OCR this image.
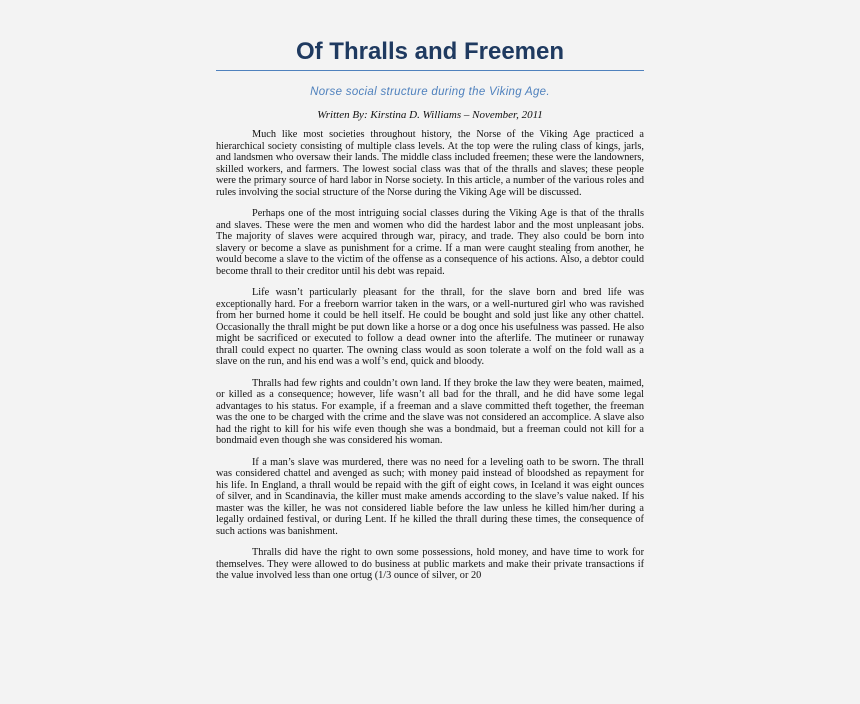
Of Thralls and Freemen

Norse social structure during the Viking Age.

Written By: Kirstina D. Williams – November, 2011

Much like most societies throughout history, the Norse of the Viking Age practiced a hierarchical society consisting of multiple class levels. At the top were the ruling class of kings, jarls, and landsmen who oversaw their lands. The middle class included freemen; these were the landowners, skilled workers, and farmers. The lowest social class was that of the thralls and slaves; these people were the primary source of hard labor in Norse society. In this article, a number of the various roles and rules involving the social structure of the Norse during the Viking Age will be discussed.

Perhaps one of the most intriguing social classes during the Viking Age is that of the thralls and slaves. These were the men and women who did the hardest labor and the most unpleasant jobs. The majority of slaves were acquired through war, piracy, and trade. They also could be born into slavery or become a slave as punishment for a crime. If a man were caught stealing from another, he would become a slave to the victim of the offense as a consequence of his actions. Also, a debtor could become thrall to their creditor until his debt was repaid.

Life wasn’t particularly pleasant for the thrall, for the slave born and bred life was exceptionally hard. For a freeborn warrior taken in the wars, or a well-nurtured girl who was ravished from her burned home it could be hell itself. He could be bought and sold just like any other chattel. Occasionally the thrall might be put down like a horse or a dog once his usefulness was passed. He also might be sacrificed or executed to follow a dead owner into the afterlife. The mutineer or runaway thrall could expect no quarter. The owning class would as soon tolerate a wolf on the fold wall as a slave on the run, and his end was a wolf’s end, quick and bloody.

Thralls had few rights and couldn’t own land. If they broke the law they were beaten, maimed, or killed as a consequence; however, life wasn’t all bad for the thrall, and he did have some legal advantages to his status. For example, if a freeman and a slave committed theft together, the freeman was the one to be charged with the crime and the slave was not considered an accomplice. A slave also had the right to kill for his wife even though she was a bondmaid, but a freeman could not kill for a bondmaid even though she was considered his woman.

If a man’s slave was murdered, there was no need for a leveling oath to be sworn. The thrall was considered chattel and avenged as such; with money paid instead of bloodshed as repayment for his life. In England, a thrall would be repaid with the gift of eight cows, in Iceland it was eight ounces of silver, and in Scandinavia, the killer must make amends according to the slave’s value naked. If his master was the killer, he was not considered liable before the law unless he killed him/her during a legally ordained festival, or during Lent. If he killed the thrall during these times, the consequence of such actions was banishment.

Thralls did have the right to own some possessions, hold money, and have time to work for themselves. They were allowed to do business at public markets and make their private transactions if the value involved less than one ortug (1/3 ounce of silver, or 20
